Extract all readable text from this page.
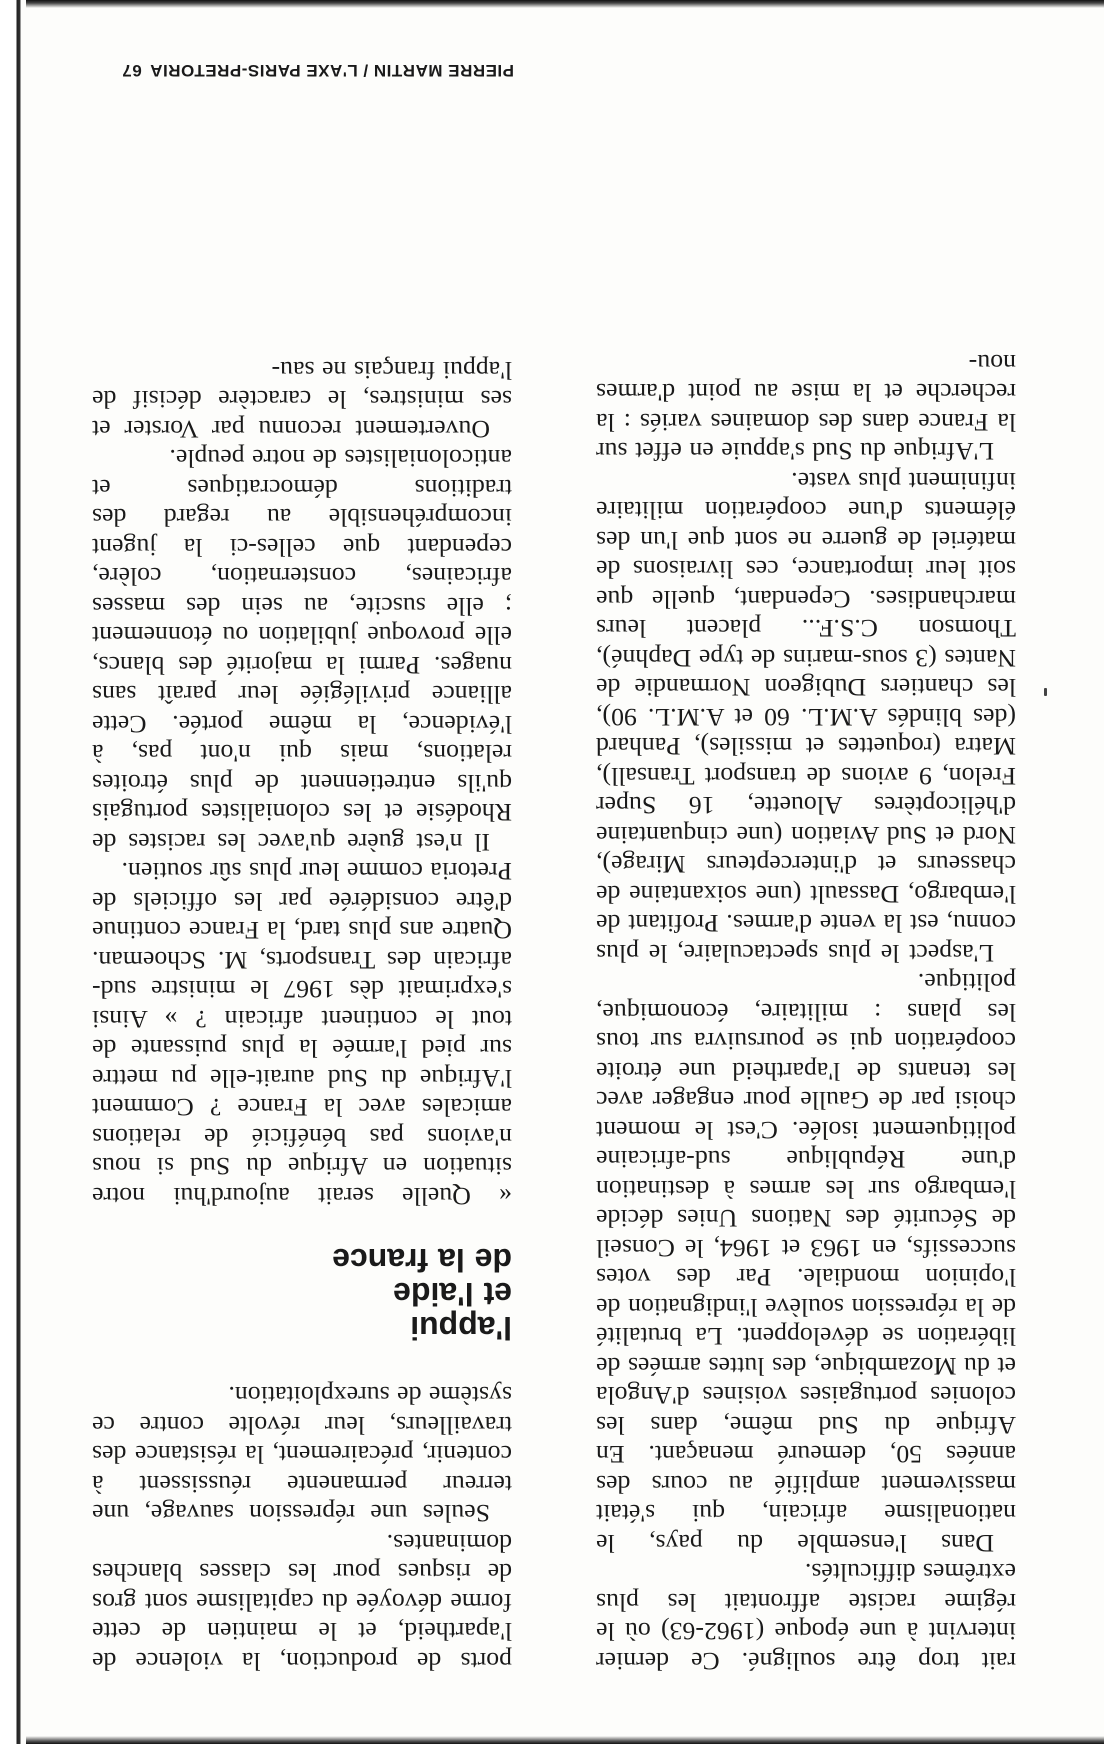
ports de production, la violence de l'apartheid, et le maintien de cette forme dévoyée du capitalisme sont gros de risques pour les classes blanches dominantes.

Seules une répression sauvage, une terreur permanente réussissent à contenir, précairement, la résistance des travailleurs, leur révolte contre ce système de surexploitation.

l'appui
et l'aide
de la france

« Quelle serait aujourd'hui notre situation en Afrique du Sud si nous n'avions pas bénéficié de relations amicales avec la France ? Comment l'Afrique du Sud aurait-elle pu mettre sur pied l'armée la plus puissante de tout le continent africain ? » Ainsi s'exprimait dès 1967 le ministre sud-africain des Transports, M. Schoeman. Quatre ans plus tard, la France continue d'être considérée par les officiels de Pretoria comme leur plus sûr soutien.

Il n'est guère qu'avec les racistes de Rhodésie et les colonialistes portugais qu'ils entretiennent de plus étroites relations, mais qui n'ont pas, à l'évidence, la même portée. Cette alliance privilégiée leur paraît sans nuages. Parmi la majorité des blancs, elle provoque jubilation ou étonnement ; elle suscite, au sein des masses africaines, consternation, colère, cependant que celles-ci la jugent incompréhensible au regard des traditions démocratiques et anticolonialistes de notre peuple.

Ouvertement reconnu par Vorster et ses ministres, le caractère décisif de l'appui français ne sau-

rait trop être souligné. Ce dernier intervint à une époque (1962-63) où le régime raciste affrontait les plus extrêmes difficultés.

Dans l'ensemble du pays, le nationalisme africain, qui s'était massivement amplifié au cours des années 50, demeuré menaçant. En Afrique du Sud même, dans les colonies portugaises voisines d'Angola et du Mozambique, des luttes armées de libération se développent. La brutalité de la répression soulève l'indignation de l'opinion mondiale. Par des votes successifs, en 1963 et 1964, le Conseil de Sécurité des Nations Unies décide l'embargo sur les armes à destination d'une République sud-africaine politiquement isolée. C'est le moment choisi par de Gaulle pour engager avec les tenants de l'apartheid une étroite coopération qui se poursuivra sur tous les plans : militaire, économique, politique.

L'aspect le plus spectaculaire, le plus connu, est la vente d'armes. Profitant de l'embargo, Dassault (une soixantaine de chasseurs et d'intercepteurs Mirage), Nord et Sud Aviation (une cinquantaine d'hélicoptères Alouette, 16 Super Frelon, 9 avions de transport Transall), Matra (roquettes et missiles), Panhard (des blindés A.M.L. 60 et A.M.L. 90), les chantiers Dubigeon Normandie de Nantes (3 sous-marins de type Daphné), Thomson C.S.F... placent leurs marchandises. Cependant, quelle que soit leur importance, ces livraisons de matériel de guerre ne sont que l'un des éléments d'une coopération militaire infiniment plus vaste.

L'Afrique du Sud s'appuie en effet sur la France dans des domaines variés : la recherche et la mise au point d'armes nou-

PIERRE MARTIN / L'AXE PARIS-PRETORIA67
